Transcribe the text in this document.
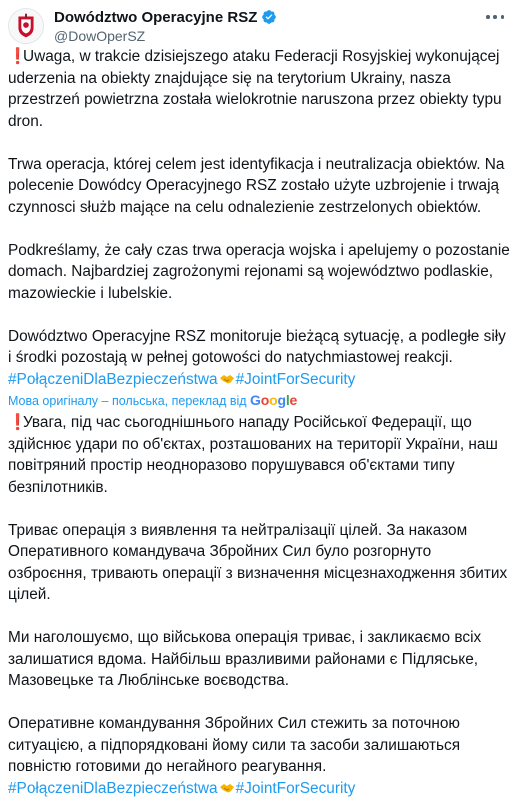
Dowództwo Operacyjne RSZ
@DowOperSZ

❗Uwaga, w trakcie dzisiejszego ataku Federacji Rosyjskiej wykonującej uderzenia na obiekty znajdujące się na terytorium Ukrainy, nasza przestrzeń powietrzna została wielokrotnie naruszona przez obiekty typu dron.

Trwa operacja, której celem jest identyfikacja i neutralizacja obiektów. Na polecenie Dowódcy Operacyjnego RSZ zostało użyte uzbrojenie i trwają czynnosci służb mające na celu odnalezienie zestrzelonych obiektów.

Podkreślamy, że cały czas trwa operacja wojska i apelujemy o pozostanie domach. Najbardziej zagrożonymi rejonami są województwo podlaskie, mazowieckie i lubelskie.

Dowództwo Operacyjne RSZ monitoruje bieżącą sytuację, a podległe siły i środki pozostają w pełnej gotowości do natychmiastowej reakcji.
#PołączeniDlaBezpieczeństwa #JointForSecurity

Мова оригіналу – польська, переклад від Google

❗Увага, під час сьогоднішнього нападу Російської Федерації, що здійснює удари по об'єктах, розташованих на території України, наш повітряний простір неодноразово порушувався об'єктами типу безпілотників.

Триває операція з виявлення та нейтралізації цілей. За наказом Оперативного командувача Збройних Сил було розгорнуто озброєння, тривають операції з визначення місцезнаходження збитих цілей.

Ми наголошуємо, що військова операція триває, і закликаємо всіх залишатися вдома. Найбільш вразливими районами є Підляське, Мазовецьке та Люблінське воєводства.

Оперативне командування Збройних Сил стежить за поточною ситуацією, а підпорядковані йому сили та засоби залишаються повністю готовими до негайного реагування.
#PołączeniDlaBezpieczeństwa #JointForSecurity
